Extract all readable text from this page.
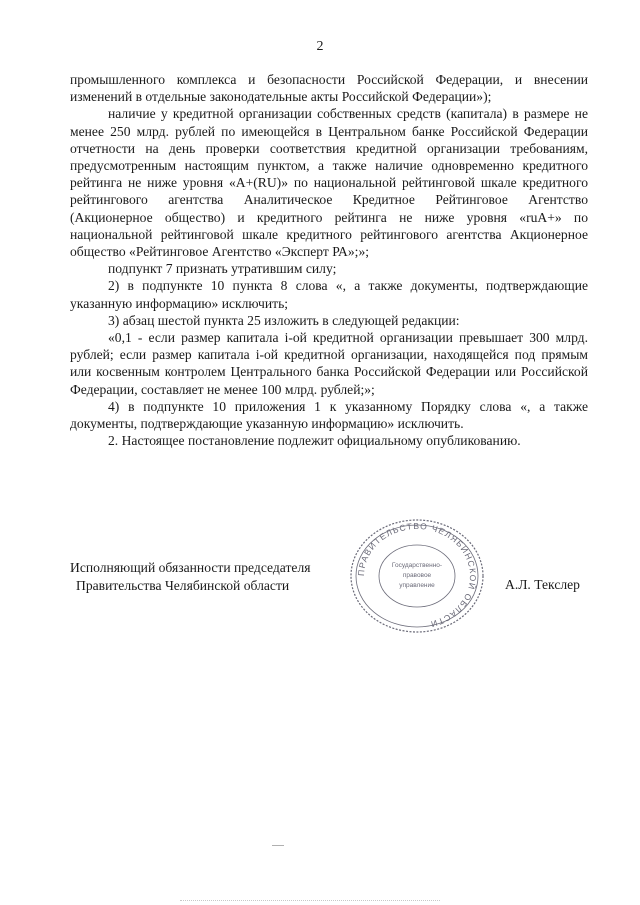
2

промышленного комплекса и безопасности Российской Федерации, и внесении изменений в отдельные законодательные акты Российской Федерации»);

наличие у кредитной организации собственных средств (капитала) в размере не менее 250 млрд. рублей по имеющейся в Центральном банке Российской Федерации отчетности на день проверки соответствия кредитной организации требованиям, предусмотренным настоящим пунктом, а также наличие одновременно кредитного рейтинга не ниже уровня «A+(RU)» по национальной рейтинговой шкале кредитного рейтингового агентства Аналитическое Кредитное Рейтинговое Агентство (Акционерное общество) и кредитного рейтинга не ниже уровня «ruA+» по национальной рейтинговой шкале кредитного рейтингового агентства Акционерное общество «Рейтинговое Агентство «Эксперт РА»;»;

подпункт 7 признать утратившим силу;

2) в подпункте 10 пункта 8 слова «, а также документы, подтверждающие указанную информацию» исключить;

3) абзац шестой пункта 25 изложить в следующей редакции:

«0,1 - если размер капитала i-ой кредитной организации превышает 300 млрд. рублей; если размер капитала i-ой кредитной организации, находящейся под прямым или косвенным контролем Центрального банка Российской Федерации или Российской Федерации, составляет не менее 100 млрд. рублей;»;

4) в подпункте 10 приложения 1 к указанному Порядку слова «, а также документы, подтверждающие указанную информацию» исключить.

2. Настоящее постановление подлежит официальному опубликованию.

Исполняющий обязанности председателя
Правительства Челябинской области
ПРАВИТЕЛЬСТВО ЧЕЛЯБИНСКОЙ ОБЛАСТИ
Государственно-
правовое
управление	А.Л. Текслер
